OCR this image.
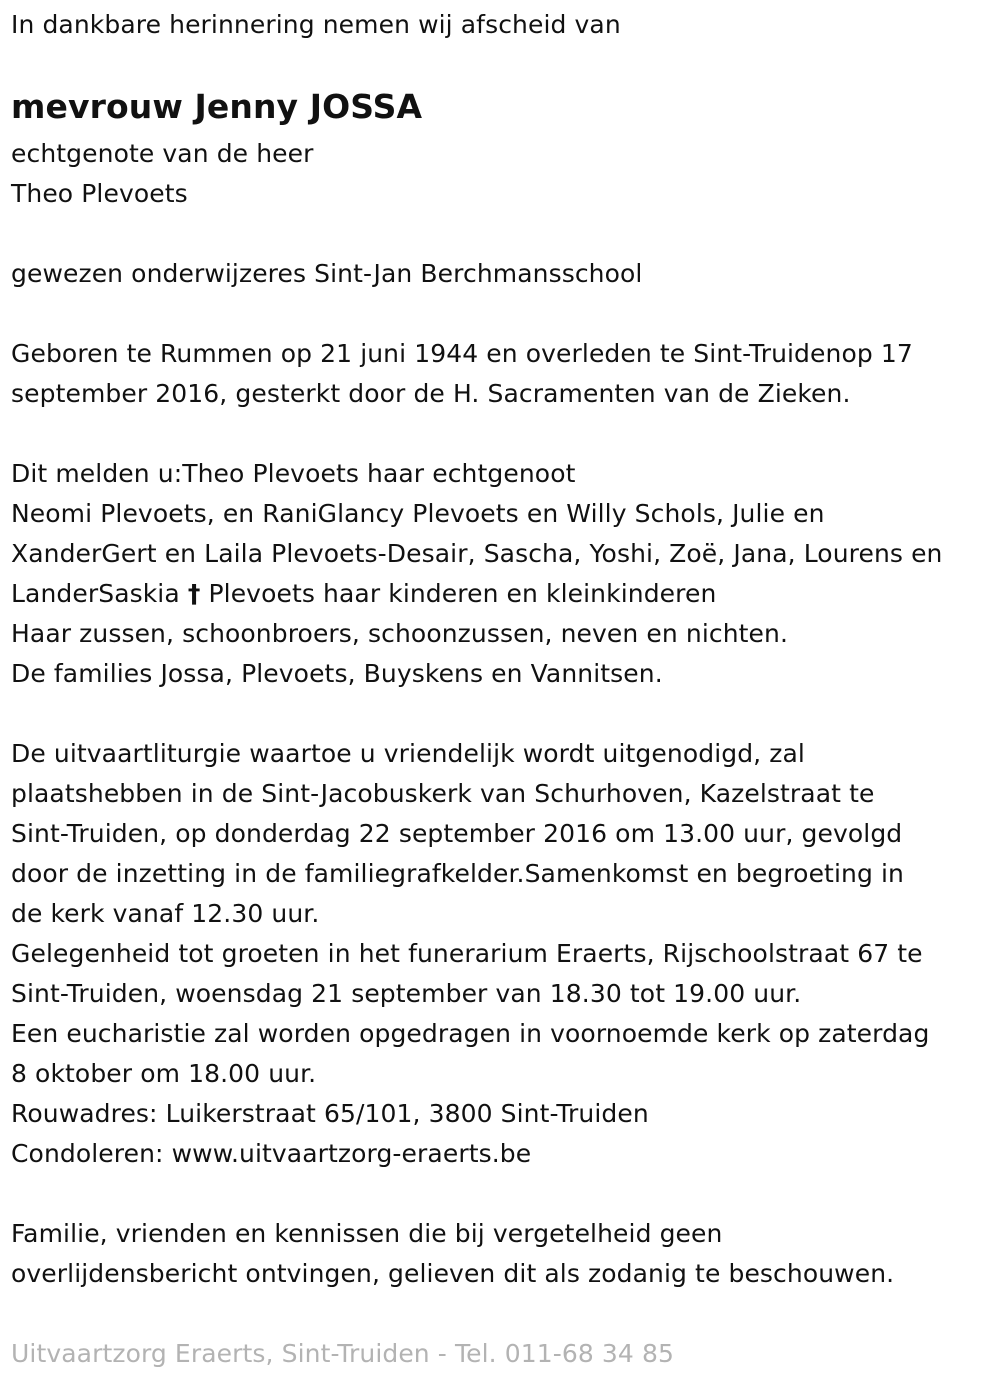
In dankbare herinnering nemen wij afscheid van
mevrouw Jenny JOSSA
echtgenote van de heer
Theo Plevoets
gewezen onderwijzeres Sint-Jan Berchmansschool
Geboren te Rummen op 21 juni 1944 en overleden te Sint-Truidenop 17
september 2016, gesterkt door de H. Sacramenten van de Zieken.
Dit melden u:Theo Plevoets haar echtgenoot
Neomi Plevoets, en RaniGlancy Plevoets en Willy Schols, Julie en
XanderGert en Laila Plevoets-Desair, Sascha, Yoshi, Zoë, Jana, Lourens en
LanderSaskia † Plevoets haar kinderen en kleinkinderen
Haar zussen, schoonbroers, schoonzussen, neven en nichten.
De families Jossa, Plevoets, Buyskens en Vannitsen.
De uitvaartliturgie waartoe u vriendelijk wordt uitgenodigd, zal
plaatshebben in de Sint-Jacobuskerk van Schurhoven, Kazelstraat te
Sint-Truiden, op donderdag 22 september 2016 om 13.00 uur, gevolgd
door de inzetting in de familiegrafkelder.Samenkomst en begroeting in
de kerk vanaf 12.30 uur.
Gelegenheid tot groeten in het funerarium Eraerts, Rijschoolstraat 67 te
Sint-Truiden, woensdag 21 september van 18.30 tot 19.00 uur.
Een eucharistie zal worden opgedragen in voornoemde kerk op zaterdag
8 oktober om 18.00 uur.
Rouwadres: Luikerstraat 65/101, 3800 Sint-Truiden
Condoleren: www.uitvaartzorg-eraerts.be
Familie, vrienden en kennissen die bij vergetelheid geen
overlijdensbericht ontvingen, gelieven dit als zodanig te beschouwen.
Uitvaartzorg Eraerts, Sint-Truiden - Tel. 011-68 34 85
